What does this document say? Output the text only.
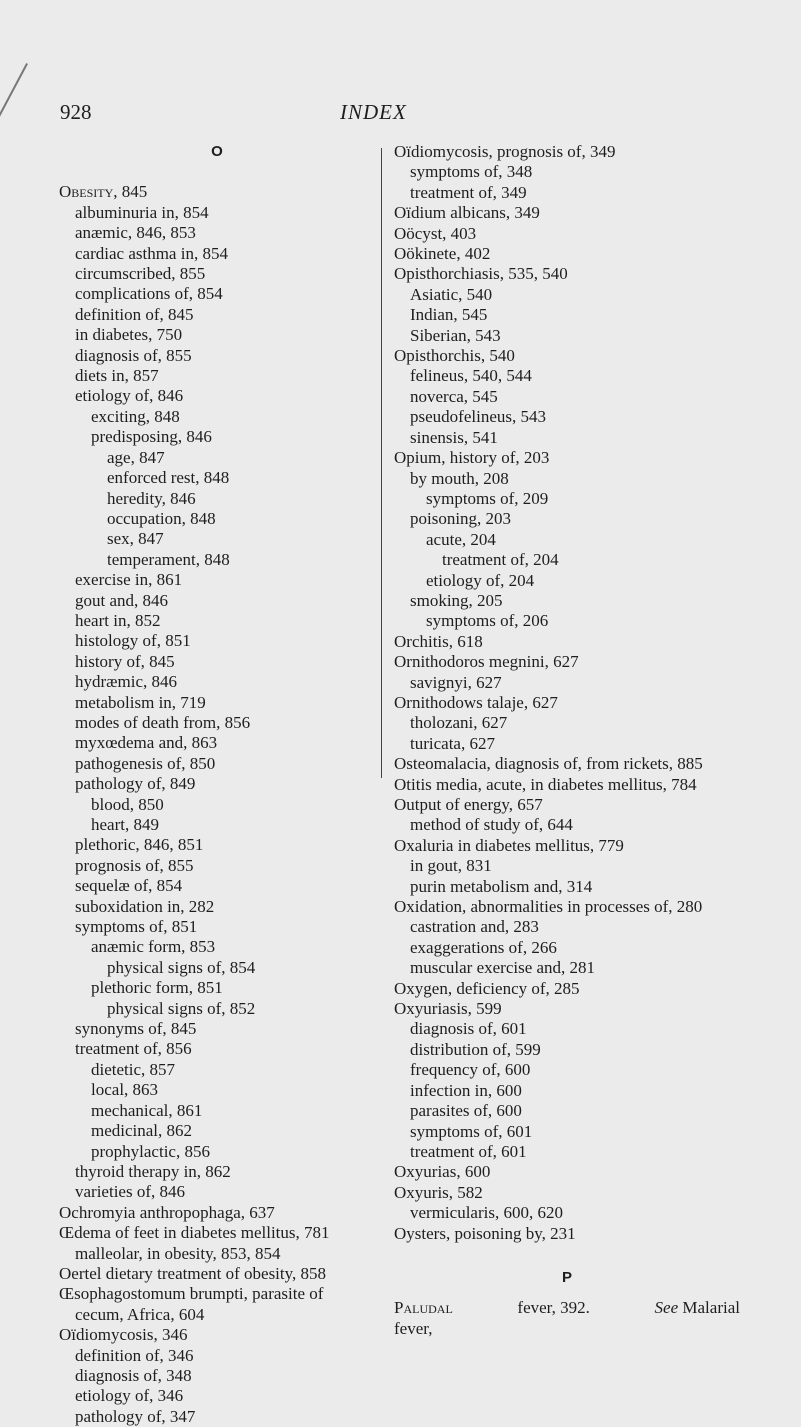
928	INDEX
O
Obesity, 845
albuminuria in, 854
anæmic, 846, 853
cardiac asthma in, 854
circumscribed, 855
complications of, 854
definition of, 845
in diabetes, 750
diagnosis of, 855
diets in, 857
etiology of, 846
exciting, 848
predisposing, 846
age, 847
enforced rest, 848
heredity, 846
occupation, 848
sex, 847
temperament, 848
exercise in, 861
gout and, 846
heart in, 852
histology of, 851
history of, 845
hydræmic, 846
metabolism in, 719
modes of death from, 856
myxœdema and, 863
pathogenesis of, 850
pathology of, 849
blood, 850
heart, 849
plethoric, 846, 851
prognosis of, 855
sequelæ of, 854
suboxidation in, 282
symptoms of, 851
anæmic form, 853
physical signs of, 854
plethoric form, 851
physical signs of, 852
synonyms of, 845
treatment of, 856
dietetic, 857
local, 863
mechanical, 861
medicinal, 862
prophylactic, 856
thyroid therapy in, 862
varieties of, 846
Ochromyia anthropophaga, 637
Œdema of feet in diabetes mellitus, 781
malleolar, in obesity, 853, 854
Oertel dietary treatment of obesity, 858
Œsophagostomum brumpti, parasite of cecum, Africa, 604
Oïdiomycosis, 346
definition of, 346
diagnosis of, 348
etiology of, 346
pathology of, 347
Oïdiomycosis, prognosis of, 349
symptoms of, 348
treatment of, 349
Oïdium albicans, 349
Oöcyst, 403
Oökinete, 402
Opisthorchiasis, 535, 540
Asiatic, 540
Indian, 545
Siberian, 543
Opisthorchis, 540
felineus, 540, 544
noverca, 545
pseudofelineus, 543
sinensis, 541
Opium, history of, 203
by mouth, 208
symptoms of, 209
poisoning, 203
acute, 204
treatment of, 204
etiology of, 204
smoking, 205
symptoms of, 206
Orchitis, 618
Ornithodoros megnini, 627
savignyi, 627
Ornithodows talaje, 627
tholozani, 627
turicata, 627
Osteomalacia, diagnosis of, from rickets, 885
Otitis media, acute, in diabetes mellitus, 784
Output of energy, 657
method of study of, 644
Oxaluria in diabetes mellitus, 779
in gout, 831
purin metabolism and, 314
Oxidation, abnormalities in processes of, 280
castration and, 283
exaggerations of, 266
muscular exercise and, 281
Oxygen, deficiency of, 285
Oxyuriasis, 599
diagnosis of, 601
distribution of, 599
frequency of, 600
infection in, 600
parasites of, 600
symptoms of, 601
treatment of, 601
Oxyurias, 600
Oxyuris, 582
vermicularis, 600, 620
Oysters, poisoning by, 231
P
Paludal	fever, 392.	See Malarial
fever,
